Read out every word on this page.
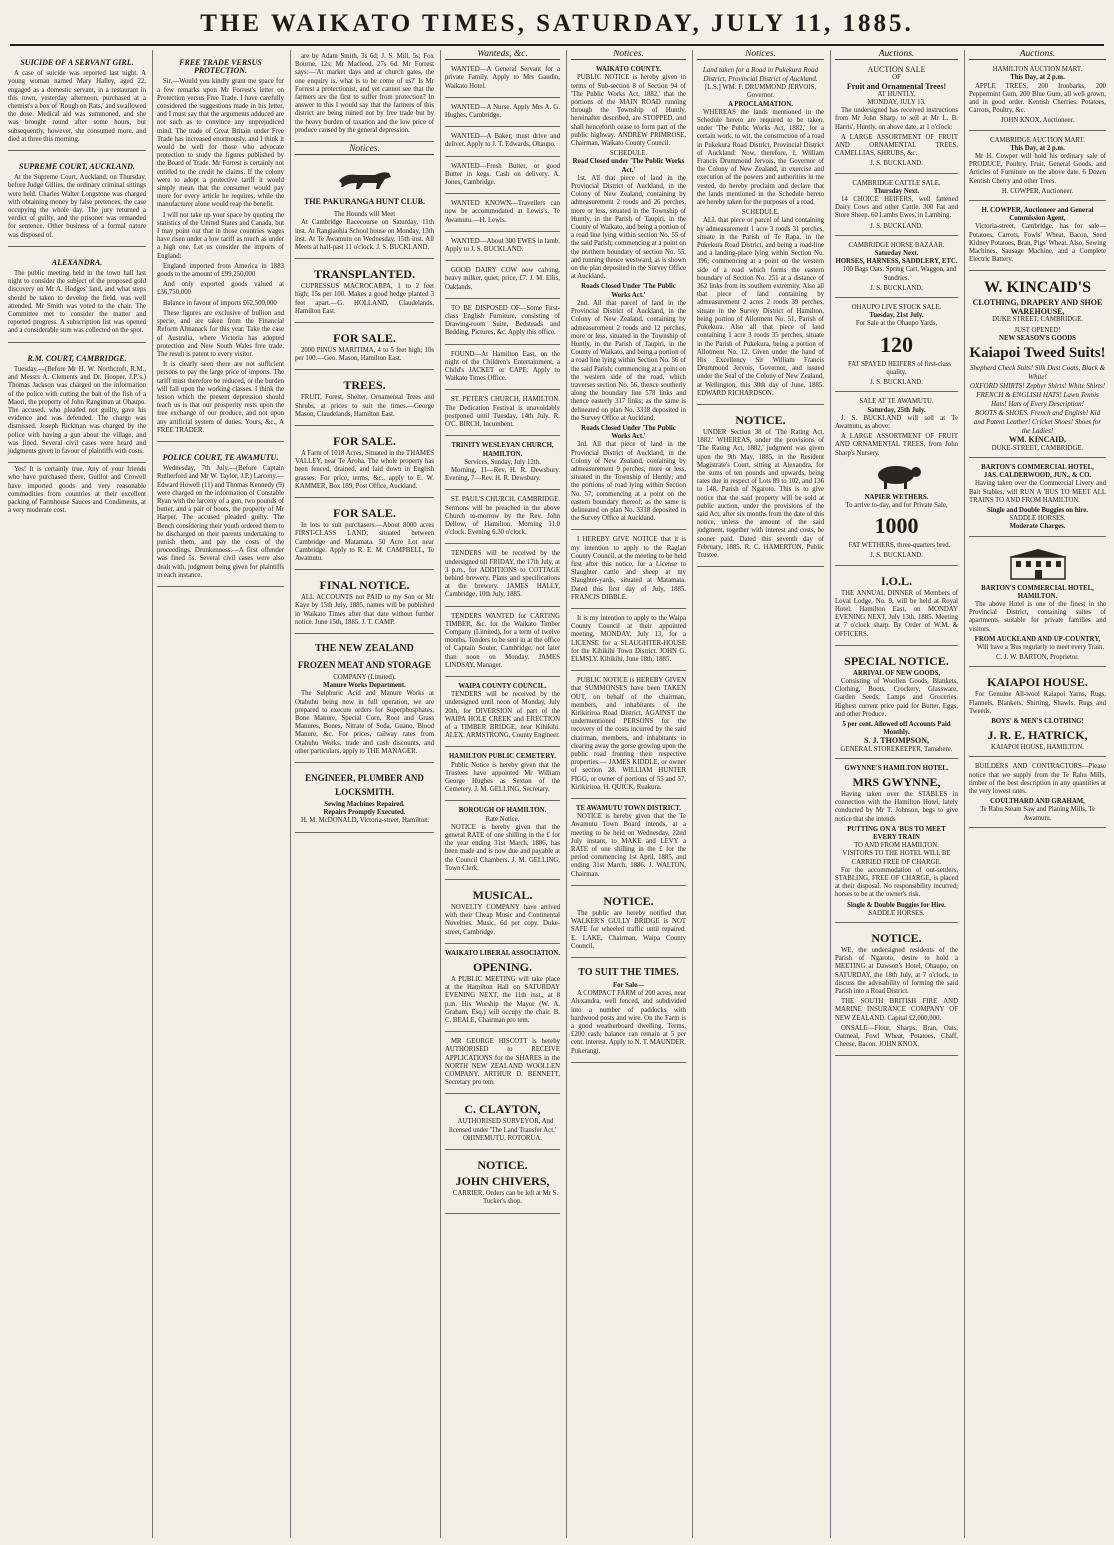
THE WAIKATO TIMES, SATURDAY, JULY 11, 1885.
SUICIDE OF A SERVANT GIRL.

A case of suicide was reported last night. A young woman named Mary Halley, aged 22, engaged as a domestic servant, in a restaurant in this town, yesterday afternoon, purchased at a chemist's a box of 'Rough on Rats,' and swallowed the dose. Medical aid was summoned, and she was brought round after some hours, but subsequently, however, she consumed more, and died at three this morning.

SUPREME COURT, AUCKLAND.

At the Supreme Court, Auckland, on Thursday, before Judge Gillies, the ordinary criminal sittings were held. Charles Walter Longstone was charged with obtaining money by false pretences, the case occupying the whole day. The jury returned a verdict of guilty, and the prisoner was remanded for sentence. Other business of a formal nature was disposed of.

ALEXANDRA.

The public meeting held in the town hall last night to consider the subject of the proposed gold discovery on Mr A. Hodges' land, and what steps should be taken to develop the field, was well attended. Mr Smith was voted to the chair. The Committee met to consider the matter and reported progress. A subscription list was opened and a considerable sum was collected on the spot.

R.M. COURT, CAMBRIDGE.

Tuesday.—(Before Mr H. W. Northcroft, R.M., and Messrs A. Clements and Dr. Hooper, J.P.'s.) Thomas Jackson was charged on the information of the police with cutting the bait of the fish of a Maori, the property of John Rangiman at Ohaupo. The accused, who pleaded not guilty, gave his evidence and was defended. The charge was dismissed. Joseph Rickman was charged by the police with having a gun about the village, and was fined. Several civil cases were heard and judgments given in favour of plaintiffs with costs.

Yes! It is certainly true. Any of your friends who have purchased there, Guillot and Crowell have imported goods and very reasonable commodities from countries at their excellent packing of Farmhouse Sauces and Condiments, at a very moderate cost.

FREE TRADE VERSUS PROTECTION.

Sir,—Would you kindly grant me space for a few remarks upon Mr Forrest's letter on Protection versus Free Trade. I have carefully considered the suggestions made in his letter, and I must say that the arguments adduced are not such as to convince any unprejudiced mind. The trade of Great Britain under Free Trade has increased enormously, and I think it would be well for those who advocate protection to study the figures published by the Board of Trade. Mr Forrest is certainly not entitled to the credit he claims. If the colony were to adopt a protective tariff it would simply mean that the consumer would pay more for every article he requires, while the manufacturer alone would reap the benefit.

I will not take up your space by quoting the statistics of the United States and Canada, but I may point out that in those countries wages have risen under a low tariff as much as under a high one. Let us consider the imports of England:

England imported from America in 1883 goods to the amount of £99,250,000

And only exported goods valued at £36,750,000

Balance in favour of imports £62,500,000

These figures are exclusive of bullion and specie, and are taken from the Financial Reform Almanack for this year. Take the case of Australia, where Victoria has adopted protection and New South Wales free trade. The result is patent to every visitor.

It is clearly seen there are not sufficient persons to pay the large price of imports. The tariff must therefore be reduced, or the burden will fall upon the working classes. I think the lesson which the present depression should teach us is that our prosperity rests upon the free exchange of our produce, and not upon any artificial system of duties. Yours, &c., A FREE TRADER.

POLICE COURT, TE AWAMUTU.

Wednesday, 7th July.—(Before Captain Rutherford and Mr W. Taylor, J.P.) Larceny.—Edward Howell (11) and Thomas Kennedy (9) were charged on the information of Constable Ryan with the larceny of a gun, two pounds of butter, and a pair of boots, the property of Mr Harper. The accused pleaded guilty. The Bench considering their youth ordered them to be discharged on their parents undertaking to punish them, and pay the costs of the proceedings. Drunkenness.—A first offender was fined 5s. Several civil cases were also dealt with, judgment being given for plaintiffs in each instance.

are by Adam Smith, 3s 6d; J. S. Mill, 5s; Fox Bourne, 12s; Mr Macleod, 27s 6d. Mr Forrest says:—'At market days and at church gates, the one enquiry is, what is to be come of us?' Is Mr Forrest a protectionist, and yet cannot see that the farmers are the first to suffer from protection? In answer to this I would say that the farmers of this district are being ruined not by free trade but by the heavy burden of taxation and the low price of produce caused by the general depression.

Notices.
THE PAKURANGA HUNT CLUB.
The Hounds will Meet

At Cambridge Racecourse on Saturday, 11th inst. At Rangiaohia School house on Monday, 13th inst. At Te Awamutu on Wednesday, 15th inst. All Meets at half-past 11 o'clock. J. S. BUCKLAND.

TRANSPLANTED.

CUPRESSUS MACROCARPA, 1 to 2 feet high; 15s per 100. Makes a good hedge planted 3 feet apart.—G. HOLLAND, Claudelands, Hamilton East.

FOR SALE.

2000 PINUS MARITIMA, 4 to 5 feet high; 10s per 100.—Geo. Mason, Hamilton East.

TREES.

FRUIT, Forest, Shelter, Ornamental Trees and Shrubs, at prices to suit the times.—George Mason, Claudelands, Hamilton East.

FOR SALE.

A Farm of 1018 Acres, Situated in the THAMES VALLEY, near Te Aroha. The whole property has been fenced, drained, and laid down in English grasses. For price, terms, &c., apply to E. W. KAMMER, Box 189, Post Office, Auckland.

FOR SALE.

In lots to suit purchasers.—About 8000 acres FIRST-CLASS LAND; situated between Cambridge and Matamata. 50 Acre Lot near Cambridge. Apply to R. E. M. CAMPBELL, Te Awamutu.

FINAL NOTICE.

ALL ACCOUNTS not PAID to my Son or Mr Kaye by 15th July, 1885, names will be published in Waikato Times after that date without further notice. June 15th, 1885. J. T. CAMP.

THE NEW ZEALAND
FROZEN MEAT AND STORAGE
COMPANY (Limited).
Manure Works Department.

The Sulphuric Acid and Manure Works at Otahuhu being now in full operation, we are prepared to execute orders for Superphosphates, Bone Manure, Special Corn, Root and Grass Manures, Bones, Nitrate of Soda, Guano, Blood Manure, &c. For prices, railway rates from Otahuhu Works, trade and cash discounts, and other particulars, apply to THE MANAGER.

ENGINEER, PLUMBER AND LOCKSMITH.
Sewing Machines Repaired.
Repairs Promptly Executed.

H. M. McDONALD, Victoria-street, Hamilton.

Wanteds, &c.

WANTED—A General Servant for a private Family. Apply to Mrs Gaudin, Waikato Hotel.

WANTED—A Nurse. Apply Mrs A. G. Hughes, Cambridge.

WANTED—A Baker; must drive and deliver. Apply to J. T. Edwards, Ohaupo.

WANTED—Fresh Butter, or good Butter in kegs. Cash on delivery. A. Jones, Cambridge.

WANTED KNOWN—Travellers can now be accommodated at Lewis's, Te Awamutu.—H. Lewis.

WANTED—About 300 EWES in lamb. Apply to J. S. BUCKLAND.

GOOD DAIRY COW now calving, heavy milker, quiet; price, £7. J. M. Ellis, Oaklands.

TO BE DISPOSED OF—Some First-class English Furniture, consisting of Drawing-room Suite, Bedsteads and Bedding, Pictures, &c. Apply this office.

FOUND—At Hamilton East, on the night of the Children's Entertainment, a Child's JACKET or CAPE. Apply to Waikato Times Office.

ST. PETER'S CHURCH, HAMILTON. The Dedication Festival is unavoidably postponed until Tuesday, 14th July. R. O'C. BIRCH, Incumbent.

TRINITY WESLEYAN CHURCH, HAMILTON.
Services, Sunday, July 12th.

Morning, 11—Rev. H. R. Dewsbury. Evening, 7—Rev. H. R. Dewsbury.

ST. PAUL'S CHURCH, CAMBRIDGE. Sermons will be preached in the above Church to-morrow by the Rev. John Dellow, of Hamilton. Morning 11.0 o'clock. Evening 6.30 o'clock.

TENDERS will be received by the undersigned till FRIDAY, the 17th July, at 3 p.m., for ADDITIONS to COTTAGE behind brewery. Plans and specifications at the brewery. JAMES HALLY, Cambridge, 10th July, 1885.

TENDERS WANTED for CARTING TIMBER, &c. for the Waikato Timber Company (Limited), for a term of twelve months. Tenders to be sent in at the office of Captain Souter, Cambridge, not later than noon on Monday. JAMES LINDSAY, Manager.

WAIPA COUNTY COUNCIL.

TENDERS will be received by the undersigned until noon of Monday, July 20th, for DIVERSION of part of the WAIPA HOLE CREEK and ERECTION of a TIMBER BRIDGE, near Kihikihi. ALEX. ARMSTRONG, County Engineer.

HAMILTON PUBLIC CEMETERY.

Public Notice is hereby given that the Trustees have appointed Mr William George Hughes as Sexton of the Cemetery. J. M. GELLING, Secretary.

BOROUGH OF HAMILTON.
Rate Notice.

NOTICE is hereby given that the general RATE of one shilling in the £ for the year ending 31st March, 1886, has been made and is now due and payable at the Council Chambers. J. M. GELLING, Town Clerk.

MUSICAL.

NOVELTY COMPANY have arrived with their Cheap Music and Continental Novelties. Music, 6d per copy. Duke-street, Cambridge.

WAIKATO LIBERAL ASSOCIATION.
OPENING.

A PUBLIC MEETING will take place at the Hamilton Hall on SATURDAY EVENING NEXT, the 11th inst., at 8 p.m. His Worship the Mayor (W. A. Graham, Esq.) will occupy the chair. B. C. BEALE, Chairman pro tem.

MR GEORGE HISCOTT is hereby AUTHORISED to RECEIVE APPLICATIONS for the SHARES in the NORTH NEW ZEALAND WOOLLEN COMPANY. ARTHUR D. BENNETT, Secretary pro tem.

C. CLAYTON,

AUTHORISED SURVEYOR, And licensed under 'The Land Transfer Act,' OHINEMUTU, ROTORUA.

NOTICE.
JOHN CHIVERS,

CARRIER. Orders can be left at Mr S. Tucker's shop.

Notices.
WAIKATO COUNTY.

PUBLIC NOTICE is hereby given in terms of Sub-section 8 of Section 94 of 'The Public Works Act, 1882,' that the portions of the MAIN ROAD running through the Township of Huntly, hereinafter described, are STOPPED, and shall henceforth cease to form part of the public highway. ANDREW PRIMROSE, Chairman, Waikato County Council.

SCHEDULE.
Road Closed under 'The Public Works Act.'

1st. All that piece of land in the Provincial District of Auckland, in the Colony of New Zealand, containing by admeasurement 2 roods and 26 perches, more or less, situated in the Township of Huntly, in the Parish of Taupiri, in the County of Waikato, and being a portion of a road line lying within section No. 55 of the said Parish; commencing at a point on the northern boundary of section No. 55, and running thence westward, as is shown on the plan deposited in the Survey Office at Auckland.

Roads Closed Under 'The Public Works Act.'

2nd. All that parcel of land in the Provincial District of Auckland, in the Colony of New Zealand, containing by admeasurement 2 roods and 12 perches, more or less, situated in the Township of Huntly, in the Parish of Taupiri, in the County of Waikato, and being a portion of a road line lying within Section No. 56 of the said Parish; commencing at a point on the western side of the road, which traverses section No. 56, thence southerly along the boundary line 578 links and thence easterly 317 links; as the same is delineated on plan No. 3318 deposited in the Survey Office at Auckland.

Roads Closed Under 'The Public Works Act.'

3rd. All that piece of land in the Provincial District of Auckland, in the Colony of New Zealand, containing by admeasurement 9 perches, more or less, situated in the Township of Huntly; and the portions of road lying within Section No. 57, commencing at a point on the eastern boundary thereof; as the same is delineated on plan No. 3318 deposited in the Survey Office at Auckland.

I HEREBY GIVE NOTICE that it is my intention to apply to the Raglan County Council, at the meeting to be held first after this notice, for a License to Slaughter cattle and sheep at my Slaughter-yards, situated at Matamata. Dated this first day of July, 1885. FRANCIS DIBBLE.

It is my intention to apply to the Waipa County Council at their appointed meeting, MONDAY, July 13, for a LICENSE for a SLAUGHTER-HOUSE for the Kihikihi Town District. JOHN G. ELMSLY. Kihikihi, June 18th, 1885.

PUBLIC NOTICE is HEREBY GIVEN that SUMMONSES have been TAKEN OUT, on behalf of the chairman, members, and inhabitants of the Kirikiriroa Road District, AGAINST the undermentioned PERSONS for the recovery of the costs incurred by the said chairman, members, and inhabitants in clearing away the gorse growing upon the public road fronting their respective properties.— JAMES KIDDLE, or owner of section 28. WILLIAM HUNTER FIGG, or owner of portions of 55 and 57, Kirikiriroa. H. QUICK, Ruakura.

TE AWAMUTU TOWN DISTRICT.

NOTICE is hereby given that the Te Awamutu Town Board intends, at a meeting to be held on Wednesday, 22nd July instant, to MAKE and LEVY a RATE of one shilling in the £ for the period commencing 1st April, 1885, and ending 31st March, 1886. J. WALTON, Chairman.

NOTICE.

The public are hereby notified that WALKER'S GULLY BRIDGE is NOT SAFE for wheeled traffic until repaired. E. LAKE, Chairman, Waipa County Council.

TO SUIT THE TIMES.
For Sale—

A COMPACT FARM of 200 acres, near Alexandra, well fenced, and subdivided into a number of paddocks with hardwood posts and wire. On the Farm is a good weatherboard dwelling. Terms, £200 cash; balance can remain at 5 per cent. interest. Apply to N. T. MAUNDER, Pukerangi.

Notices.
Land taken for a Road in Pukekura Road District, Provincial District of Auckland.
[L.S.] WM. F. DRUMMOND JERVOIS, Governor.
A PROCLAMATION.

WHEREAS the lands mentioned in the Schedule hereto are required to be taken, under 'The Public Works Act, 1882,' for a certain work, to wit, the construction of a road in Pukekura Road District, Provincial District of Auckland: Now, therefore, I, William Francis Drummond Jervois, the Governor of the Colony of New Zealand, in exercise and execution of the powers and authorities in me vested, do hereby proclaim and declare that the lands mentioned in the Schedule hereto are hereby taken for the purposes of a road.

SCHEDULE.

ALL that piece or parcel of land containing by admeasurement 1 acre 3 roods 31 perches, situate in the Parish of Te Rapa, in the Pukekura Road District, and being a road-line and a landing-place lying within Section No. 396; commencing at a point on the western side of a road which forms the eastern boundary of Section No. 251 at a distance of 362 links from its southern extremity. Also all that piece of land containing by admeasurement 2 acres 2 roods 39 perches, situate in the Survey District of Hamilton, being portion of Allotment No. 51, Parish of Pukekura. Also all that piece of land containing 1 acre 3 roods 35 perches, situate in the Parish of Pukekura, being a portion of Allotment No. 12. Given under the hand of His Excellency Sir William Francis Drummond Jervois, Governor, and issued under the Seal of the Colony of New Zealand, at Wellington, this 30th day of June, 1885. EDWARD RICHARDSON.

NOTICE.

UNDER Section 38 of 'The Rating Act, 1882.' WHEREAS, under the provisions of 'The Rating Act, 1882,' judgment was given upon the 9th May, 1885, in the Resident Magistrate's Court, sitting at Alexandra, for the sums of ten pounds and upwards, being rates due in respect of Lots 89 to 102, and 136 to 148, Parish of Ngaroto. This is to give notice that the said property will be sold at public auction, under the provisions of the said Act, after six months from the date of this notice, unless the amount of the said judgment, together with interest and costs, be sooner paid. Dated this seventh day of February, 1885. R. C. HAMERTON, Public Trustee.

Auctions.
AUCTION SALE
OF
Fruit and Ornamental Trees!
AT HUNTLY,
MONDAY, JULY 13.

The undersigned has received instructions from Mr John Sharp, to sell at Mr L. B. Harris', Huntly, on above date, at 1 o'clock:

A LARGE ASSORTMENT OF FRUIT AND ORNAMENTAL TREES, CAMELLIAS, SHRUBS, &c.

J. S. BUCKLAND.
CAMBRIDGE CATTLE SALE.
Thursday Next.

14 CHOICE HEIFERS, well fattened Dairy Cows and other Cattle. 300 Fat and Store Sheep. 60 Lambs Ewes, in Lambing.

J. S. BUCKLAND.
CAMBRIDGE HORSE BAZAAR.
Saturday Next.
HORSES, HARNESS, SADDLERY, ETC.

100 Bags Oats. Spring Cart, Waggon, and Sundries.

J. S. BUCKLAND.
OHAUPO LIVE STOCK SALE.
Tuesday, 21st July.
For Sale at the Ohaupo Yards,
120

FAT SPAYED HEIFERS of first-class quality.

J. S. BUCKLAND.
SALE AT TE AWAMUTU.
Saturday, 25th July.

J. S. BUCKLAND will sell at Te Awamutu, as above:

A LARGE ASSORTMENT OF FRUIT AND ORNAMENTAL TREES, from John Sharp's Nursery.

NAPIER WETHERS.
To arrive to-day, and for Private Sale,
1000

FAT WETHERS, three-quarters bred.

J. S. BUCKLAND.
I.O.L.

THE ANNUAL DINNER of Members of Loyal Lodge, No. 9, will be held at Royal Hotel, Hamilton East, on MONDAY EVENING NEXT, July 13th, 1885. Meeting at 7 o'clock sharp. By Order of W.M. & OFFICERS.

SPECIAL NOTICE.
ARRIVAL OF NEW GOODS,

Consisting of Woollen Goods, Blankets, Clothing, Boots, Crockery, Glassware, Garden Seeds, Lamps and Groceries. Highest current price paid for Butter, Eggs, and other Produce.

5 per cent. Allowed off Accounts Paid Monthly.
S. J. THOMPSON,
GENERAL STOREKEEPER, Tamahere.
GWYNNE'S HAMILTON HOTEL.
MRS GWYNNE,

Having taken over the STABLES in connection with the Hamilton Hotel, lately conducted by Mr T. Johnson, begs to give notice that she intends

PUTTING ON A 'BUS TO MEET EVERY TRAIN
TO AND FROM HAMILTON.
VISITORS TO THE HOTEL WILL BE CARRIED FREE OF CHARGE.

For the accommodation of out-settlers, STABLING, FREE OF CHARGE, is placed at their disposal. No responsibility incurred; horses to be at the owner's risk.

Single & Double Buggies for Hire.
SADDLE HORSES.
NOTICE.

WE, the undersigned residents of the Parish of Ngaroto, desire to hold a MEETING at Dawson's Hotel, Ohaupo, on SATURDAY, the 18th July, at 7 o'clock, to discuss the advisability of forming the said Parish into a Road District.

THE SOUTH BRITISH FIRE AND MARINE INSURANCE COMPANY OF NEW ZEALAND. Capital £2,000,000.

ONSALE—Flour, Sharps, Bran, Oats, Oatmeal, Fowl Wheat, Potatoes, Chaff, Cheese, Bacon. JOHN KNOX.

Auctions.
HAMILTON AUCTION MART.
This Day, at 2 p.m.

APPLE TREES, 200 Ironbarks, 200 Peppermint Gum, 200 Blue Gum, all well grown, and in good order. Kentish Cherries. Potatoes, Carrots, Poultry, &c.

JOHN KNOX, Auctioneer.
CAMBRIDGE AUCTION MART.
This Day, at 2 p.m.

Mr H. Cowper will hold his ordinary sale of PRODUCE, Poultry, Fruit, General Goods, and Articles of Furniture on the above date. 6 Dozen Kentish Cherry and other Trees.

H. COWPER, Auctioneer.
H. COWPER, Auctioneer and General Commission Agent,

Victoria-street, Cambridge, has for sale—Potatoes, Carrots, Fowls' Wheat, Bacon, Seed Kidney Potatoes, Bran, Pigs' Wheat. Also, Sewing Machines, Sausage Machine, and a Complete Electric Battery.

W. KINCAID'S
CLOTHING, DRAPERY AND SHOE WAREHOUSE,
DUKE STREET, CAMBRIDGE.
JUST OPENED!
NEW SEASON'S GOODS
Kaiapoi Tweed Suits!
Shepherd Check Suits! Silk Dust Coats, Black & White!
OXFORD SHIRTS! Zephyr Shirts! White Shirts!
FRENCH & ENGLISH HATS! Lawn Tennis Hats! Hats of Every Description!
BOOTS & SHOES. French and English! Kid and Patent Leather! Cricket Shoes! Shoes for the Ladies!
WM. KINCAID,
DUKE-STREET, CAMBRIDGE.
BARTON'S COMMERCIAL HOTEL,
JAS. CALDERWOOD, JUN., & CO.

Having taken over the Commercial Livery and Bait Stables, will RUN A 'BUS TO MEET ALL TRAINS TO AND FROM HAMILTON.

Single and Double Buggies on hire.
SADDLE HORSES.
Moderate Charges.
BARTON'S COMMERCIAL HOTEL, HAMILTON.

The above Hotel is one of the finest in the Provincial District, containing suites of apartments suitable for private families and visitors.

FROM AUCKLAND AND UP-COUNTRY,

Will have a 'Bus regularly to meet every Train.

C. J. W. BARTON, Proprietor.
KAIAPOI HOUSE.

For Genuine All-wool Kaiapoi Yarns, Rugs, Flannels, Blankets, Shirting, Shawls, Rugs and Tweeds.

BOYS' & MEN'S CLOTHING!
J. R. E. HATRICK,
KAIAPOI HOUSE, HAMILTON.

BUILDERS AND CONTRACTORS—Please notice that we supply from the Te Rahu Mills, timber of the best description in any quantities at the very lowest rates.

COULTHARD AND GRAHAM,
Te Rahu Steam Saw and Planing Mills, Te Awamutu.
